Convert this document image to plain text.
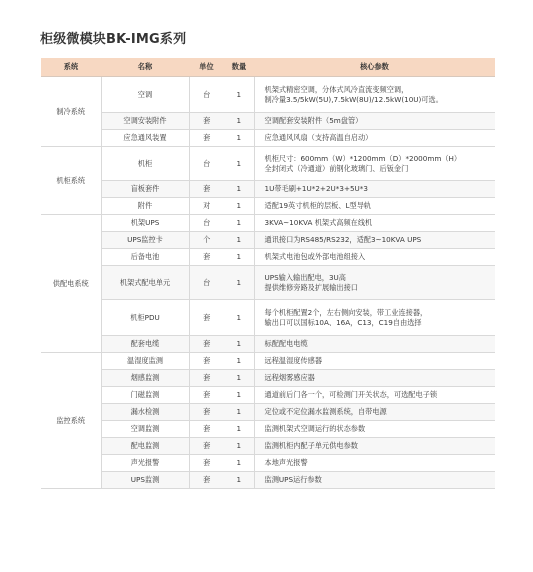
柜级微模块BK-IMG系列
系统	名称	单位	数量	核心参数
制冷系统	空调	台	1	机架式精密空调，分体式风冷直流变频空调，
制冷量3.5/5kW(5U),7.5kW(8U)/12.5kW(10U)可选。

	空调安装附件	套	1	空调配套安装附件（5m盘管）

	应急通风装置	套	1	应急通风风扇（支持高温自启动）

机柜系统	机柜	台	1	机柜尺寸：600mm（W）*1200mm（D）*2000mm（H）
全封闭式（冷通道）前钢化玻璃门、后钣金门

	盲板套件	套	1	1U带毛刷+1U*2+2U*3+5U*3

	附件	对	1	适配19英寸机柜的层板、L型导轨

供配电系统	机架UPS	台	1	3KVA~10KVA 机架式高频在线机

	UPS监控卡	个	1	通讯接口为RS485/RS232，适配3~10KVA UPS

	后备电池	套	1	机架式电池包或外部电池组接入

	机架式配电单元	台	1	UPS输入输出配电，3U高
提供维修旁路及扩展输出接口

	机柜PDU	套	1	每个机柜配置2个，左右侧向安装，带工业连接器，
输出口可以国标10A、16A，C13，C19自由选择

	配套电缆	套	1	标配配电电缆

监控系统	温湿度监测	套	1	远程温湿度传感器

	烟感监测	套	1	远程烟雾感应器

	门磁监测	套	1	通道前后门各一个，可检测门开关状态，可选配电子锁

	漏水检测	套	1	定位或不定位漏水监测系统，自带电源

	空调监测	套	1	监测机架式空调运行的状态参数

	配电监测	套	1	监测机柜内配子单元供电参数

	声光报警	套	1	本地声光报警

	UPS监测	套	1	监测UPS运行参数
